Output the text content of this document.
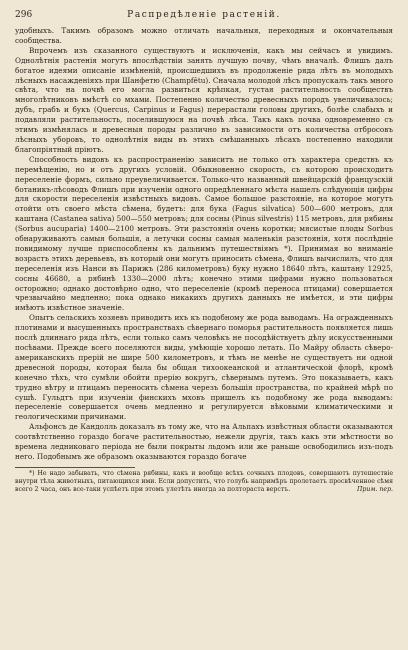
296	Распредѣленіе растеній.

удобныхъ. Такимъ образомъ можно отличать начальныя, переходныя и окончательныя сообщества.

Впрочемъ изъ сказанного существуютъ и исключенія, какъ мы сейчасъ и увидимъ. Однолѣтнія растенія могутъ впослѣдствіи занять лучшую почву, чѣмъ вначалѣ. Флишъ далъ богатое идеями описаніе измѣненій, происшедшихъ въ продолженіе ряда лѣтъ въ молодыхъ лѣсныхъ насажденіяхъ при Шанфетю (Champfêtu). Сначала молодой лѣсъ пропускалъ такъ много свѣта, что на почвѣ его могла развиться крѣпкая, густая растительность сообществъ многолѣтниковъ вмѣстѣ со мхами. Постепенно количество древесныхъ породъ увеличивалось; дубъ, грабъ и букъ (Quercus, Carpinus и Fagus) перерастали головы другихъ, болѣе слабыхъ и подавляли растительность, поселившуюся на почвѣ лѣса. Такъ какъ почва одновременно съ этимъ измѣнялась и древесныя породы различно въ зависимости отъ количества отбросовъ лѣсныхъ уборовъ, то однолѣтнія виды въ этихъ смѣшанныхъ лѣсахъ постепенно находили благопріятный пріютъ.

Способность видовъ къ распространенію зависитъ не только отъ характера средствъ къ перемѣщенію, но и отъ другихъ условій. Обыкновенно скорость, съ которою происходитъ переселеніе формъ, сильно преувеличивается. Только-что названный швейцарскій французскій ботаникъ-лѣсоводъ Флишъ при изученіи одного опредѣленнаго мѣста нашелъ слѣдующія цифры для скорости переселенія извѣстныхъ видовъ. Самое большое разстояніе, на которое могутъ отойти отъ своего мѣста сѣмена, будетъ: для бука (Fagus silvatica) 500—600 метровъ, для каштана (Castanea sativa) 500—550 метровъ; для сосны (Pinus silvestris) 115 метровъ, для рябины (Sorbus aucuparia) 1400—2100 метровъ. Эти разстоянія очень коротки; мясистые плоды Sorbus обнаруживаютъ самыя большія, а летучки сосны самыя маленькія разстоянія, хотя послѣдніе повидимому лучше приспособлены къ дальнимъ путешествіямъ *). Принимая во вниманіе возрастъ этихъ деревьевъ, въ который они могутъ приносить сѣмена, Флишъ вычислилъ, что для переселенія изъ Нанси въ Парижъ (286 километровъ) буку нужно 18640 лѣтъ, каштану 12925, сосны 46680, а рябинѣ 1330—2000 лѣтъ; конечно этими цифрами нужно пользоваться осторожно; однако достовѣрно одно, что переселеніе (кромѣ переноса птицами) совершается чрезвычайно медленно; пока однако никакихъ другихъ данныхъ не имѣется, и эти цифры имѣютъ извѣстное значеніе.

Опытъ сельскихъ хозяевъ приводитъ ихъ къ подобному же рода выводамъ. На огражденныхъ плотинами и высушенныхъ пространствахъ сѣвернаго поморья растительность появляется лишь послѣ длиннаго ряда лѣтъ, если только самъ человѣкъ не посодѣйствуетъ дѣлу искусственными посѣвами. Прежде всего поселяются виды, умѣющіе хорошо летать. По Майру область сѣверо-американскихъ прерій не шире 500 километровъ, и тѣмъ не менѣе не существуетъ ни одной древесной породы, которая была бы общая тихоокеанской и атлантической флорѣ, кромѣ конечно тѣхъ, что сумѣли обойти прерію вокругъ, сѣвернымъ путемъ. Это показываетъ, какъ трудно вѣтру и птицамъ переносить сѣмена черезъ большія пространства, по крайней мѣрѣ по сушѣ. Гульдтъ при изученіи финскихъ мховъ пришелъ къ подобному же рода выводамъ: переселеніе совершается очень медленно и регулируется вѣковыми климатическими и геологическими причинами.

Альфонсъ де Кандолль доказалъ въ тому же, что на Альпахъ извѣстныя области оказываются соотвѣтственно гораздо богаче растительностью, нежели другія, такъ какъ эти мѣстности во времена ледниковаго періода не были покрыты льдомъ или же раньше освободились изъ-подъ него. Подобнымъ же образомъ оказываются гораздо богаче

*) Не надо забывать, что сѣмена рябины, какъ и вообще всѣхъ сочныхъ плодовъ, совершаютъ путешествіе внутри тѣла животныхъ, питающихся ими. Если допустить, что голубь напримѣръ пролетаетъ просвѣченное сѣмя всего 2 часа, онъ все-таки успѣетъ при этомъ улетѣть иногда за полтораста верстъ.	Прим. пер.
